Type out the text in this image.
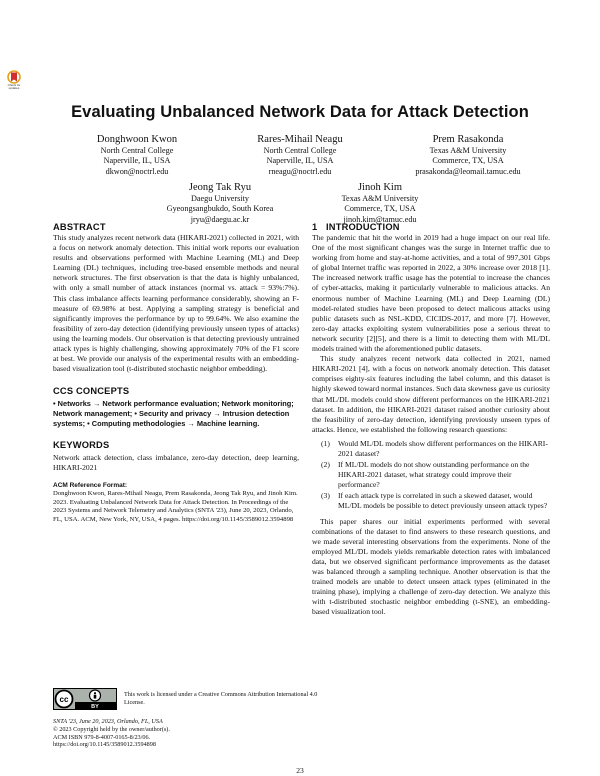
Check for
updates
Evaluating Unbalanced Network Data for Attack Detection
Donghwoon Kwon
North Central College
Naperville, IL, USA
dkwon@noctrl.edu
Rares-Mihail Neagu
North Central College
Naperville, IL, USA
rneagu@noctrl.edu
Prem Rasakonda
Texas A&M University
Commerce, TX, USA
prasakonda@leomail.tamuc.edu
Jeong Tak Ryu
Daegu University
Gyeongsangbukdo, South Korea
jryu@daegu.ac.kr
Jinoh Kim
Texas A&M University
Commerce, TX, USA
jinoh.kim@tamuc.edu
ABSTRACT

This study analyzes recent network data (HIKARI-2021) collected in 2021, with a focus on network anomaly detection. This initial work reports our evaluation results and observations performed with Machine Learning (ML) and Deep Learning (DL) techniques, including tree-based ensemble methods and neural network structures. The first observation is that the data is highly unbalanced, with only a small number of attack instances (normal vs. attack = 93%:7%). This class imbalance affects learning performance considerably, showing an F-measure of 69.98% at best. Applying a sampling strategy is beneficial and significantly improves the performance by up to 99.64%. We also examine the feasibility of zero-day detection (identifying previously unseen types of attacks) using the learning models. Our observation is that detecting previously untrained attack types is highly challenging, showing approximately 70% of the F1 score at best. We provide our analysis of the experimental results with an embedding-based visualization tool (t-distributed stochastic neighbor embedding).

CCS CONCEPTS

• Networks → Network performance evaluation; Network monitoring; Network management; • Security and privacy → Intrusion detection systems; • Computing methodologies → Machine learning.

KEYWORDS

Network attack detection, class imbalance, zero-day detection, deep learning, HIKARI-2021

ACM Reference Format:

Donghwoon Kwon, Rares-Mihail Neagu, Prem Rasakonda, Jeong Tak Ryu, and Jinoh Kim. 2023. Evaluating Unbalanced Network Data for Attack Detection. In Proceedings of the 2023 Systems and Network Telemetry and Analytics (SNTA '23), June 20, 2023, Orlando, FL, USA. ACM, New York, NY, USA, 4 pages. https://doi.org/10.1145/3589012.3594898

cc
BY
This work is licensed under a Creative Commons Attribution International 4.0 License.
SNTA '23, June 20, 2023, Orlando, FL, USA
© 2023 Copyright held by the owner/author(s).
ACM ISBN 979-8-4007-0165-8/23/06.
https://doi.org/10.1145/3589012.3594898
1 INTRODUCTION

The pandemic that hit the world in 2019 had a huge impact on our real life. One of the most significant changes was the surge in Internet traffic due to working from home and stay-at-home activities, and a total of 997,301 Gbps of global Internet traffic was reported in 2022, a 30% increase over 2018 [1]. The increased network traffic usage has the potential to increase the chances of cyber-attacks, making it particularly vulnerable to malicious attacks. An enormous number of Machine Learning (ML) and Deep Learning (DL) model-related studies have been proposed to detect malicous attacks using public datasets such as NSL-KDD, CICIDS-2017, and more [7]. However, zero-day attacks exploiting system vulnerabilities pose a serious threat to network security [2][5], and there is a limit to detecting them with ML/DL models trained with the aforementioned public datasets.

This study analyzes recent network data collected in 2021, named HIKARI-2021 [4], with a focus on network anomaly detection. This dataset comprises eighty-six features including the label column, and this dataset is highly skewed toward normal instances. Such data skewness gave us curiosity that ML/DL models could show different performances on the HIKARI-2021 dataset. In addition, the HIKARI-2021 dataset raised another curiosity about the feasibility of zero-day detection, identifying previously unseen types of attacks. Hence, we established the following research questions:

(1) Would ML/DL models show different performances on the HIKARI-2021 dataset?
(2) If ML/DL models do not show outstanding performance on the HIKARI-2021 dataset, what strategy could improve their performance?
(3) If each attack type is correlated in such a skewed dataset, would ML/DL models be possible to detect previously unseen attack types?

This paper shares our initial experiments performed with several combinations of the dataset to find answers to these research questions, and we made several interesting observations from the experiments. None of the employed ML/DL models yields remarkable detection rates with imbalanced data, but we observed significant performance improvements as the dataset was balanced through a sampling technique. Another observation is that the trained models are unable to detect unseen attack types (eliminated in the training phase), implying a challenge of zero-day detection. We analyze this with t-distributed stochastic neighbor embedding (t-SNE), an embedding-based visualization tool.

23
